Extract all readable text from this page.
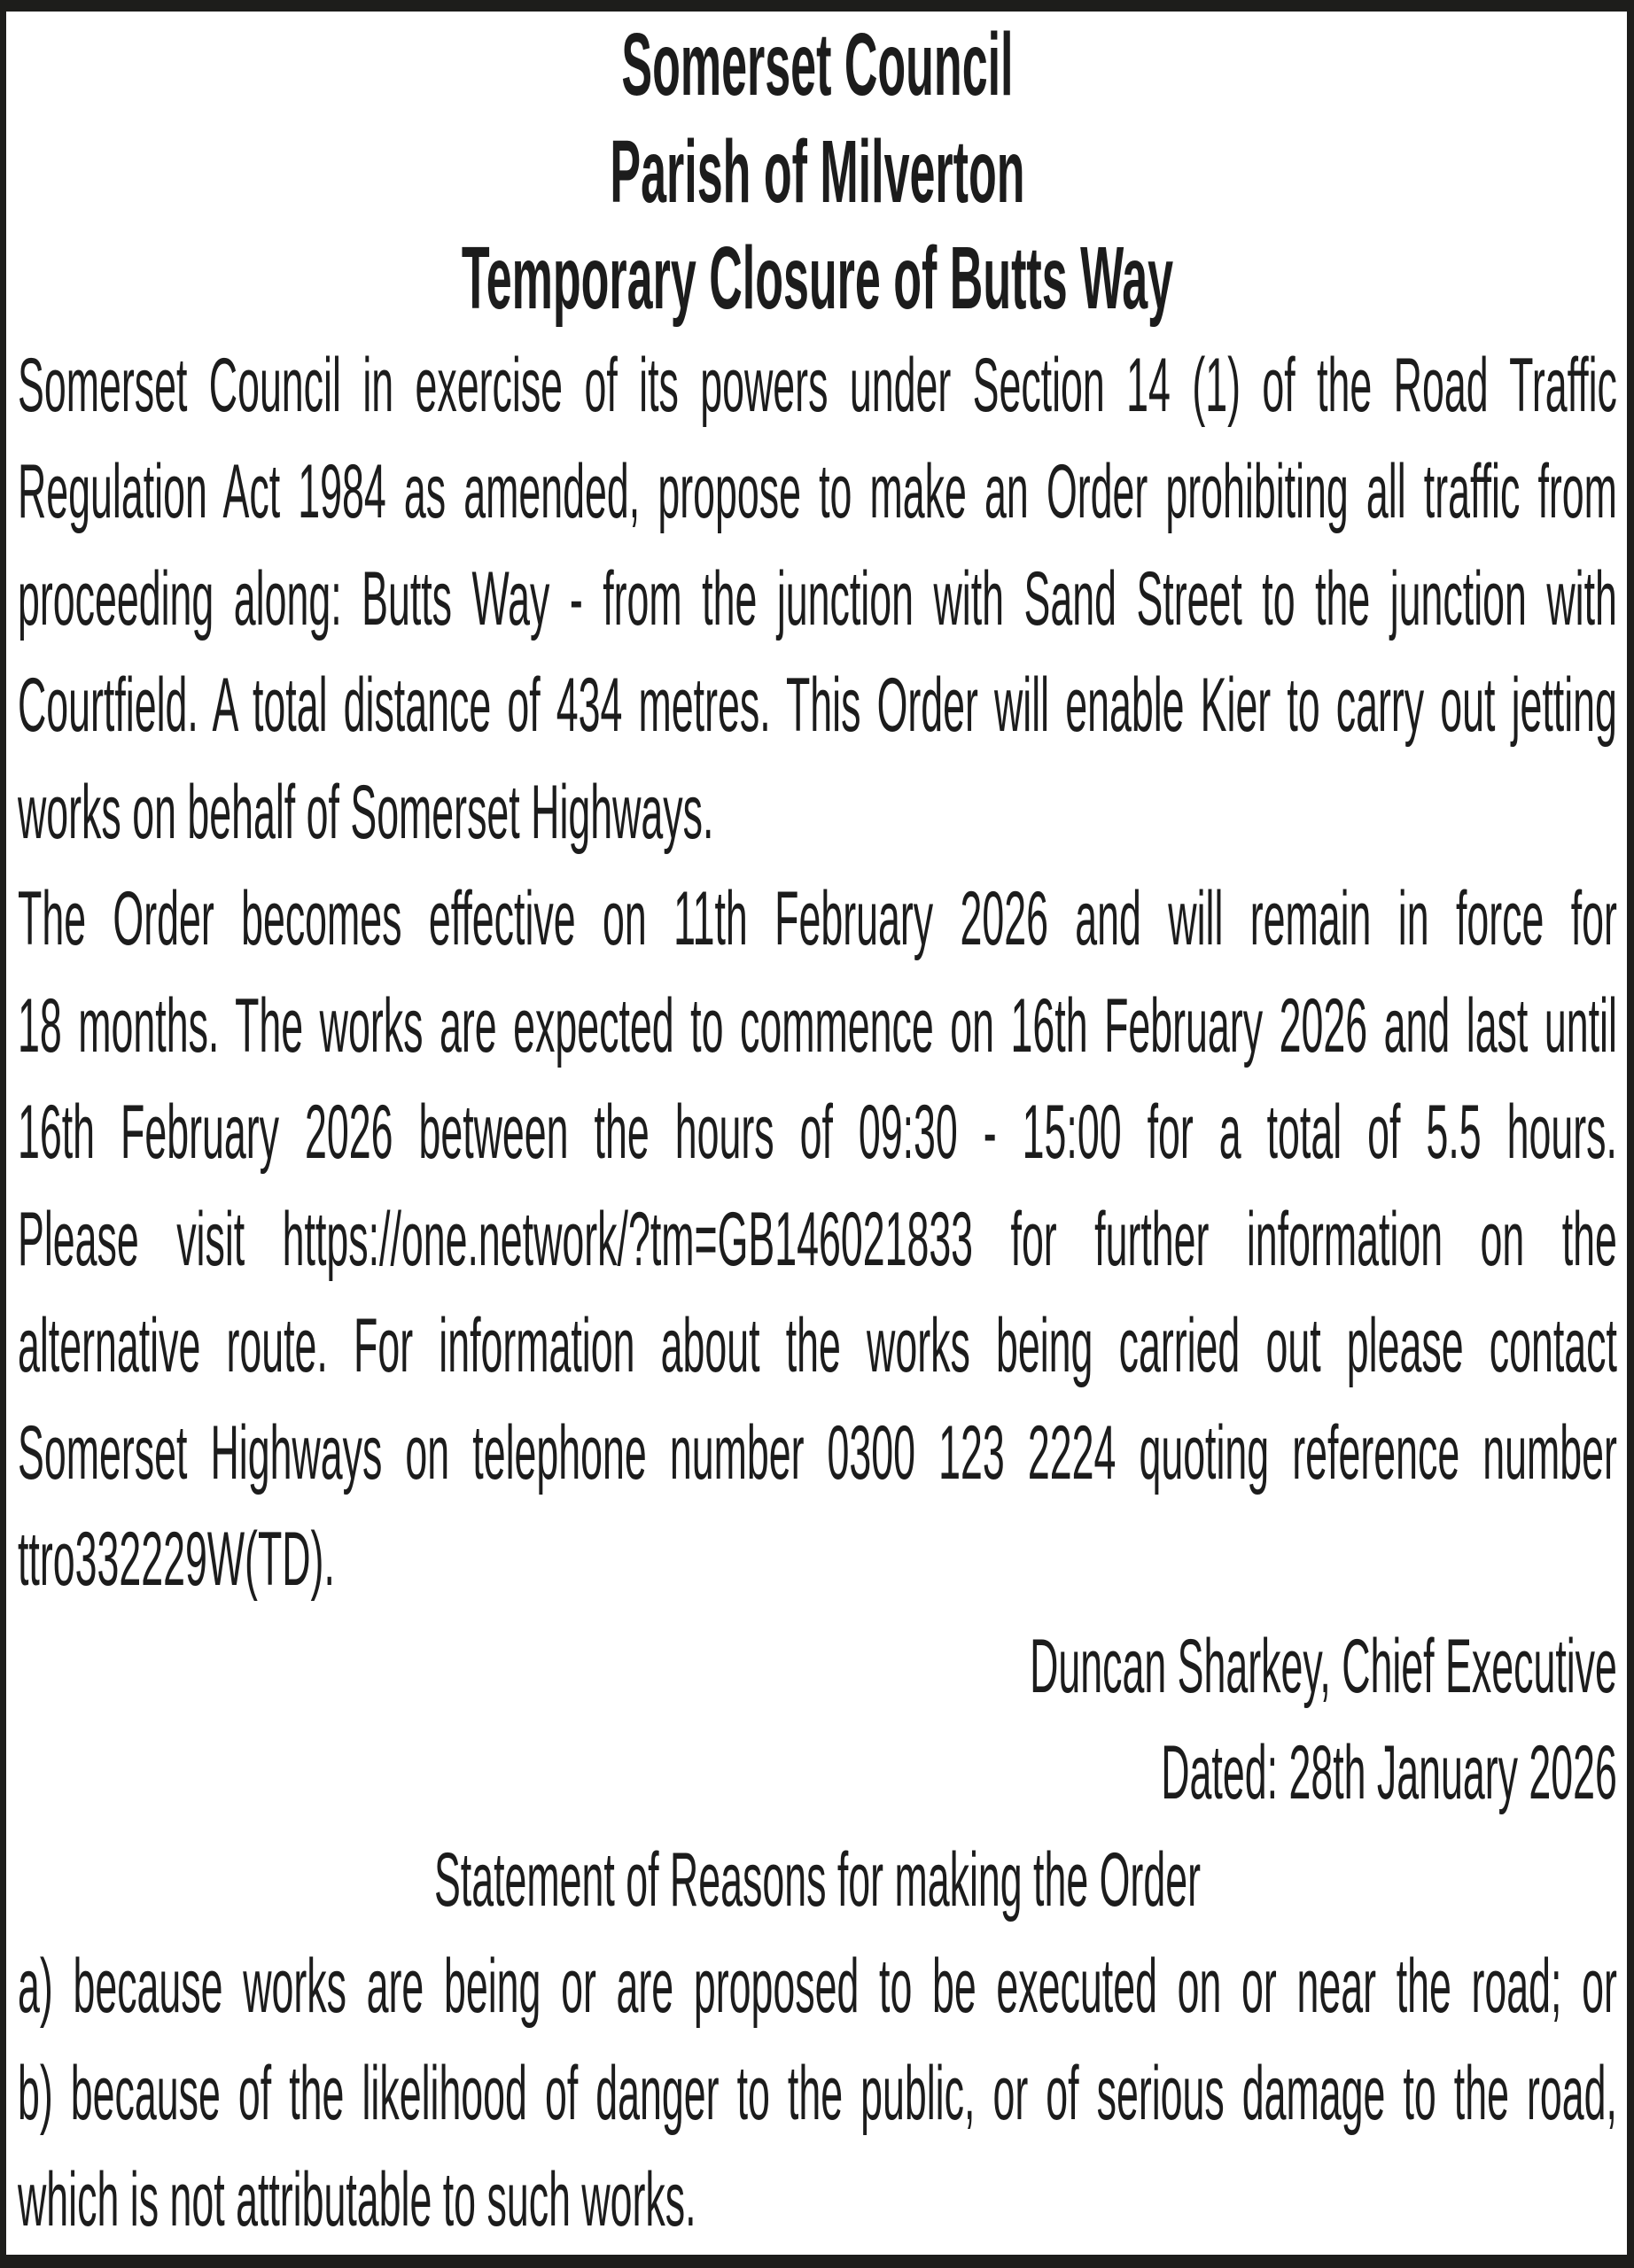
Somerset Council
Parish of Milverton
Temporary Closure of Butts Way
Somerset Council in exercise of its powers under Section 14 (1) of the Road Traffic
Regulation Act 1984 as amended, propose to make an Order prohibiting all traffic from
proceeding along: Butts Way - from the junction with Sand Street to the junction with
Courtfield. A total distance of 434 metres. This Order will enable Kier to carry out jetting
works on behalf of Somerset Highways.
The Order becomes effective on 11th February 2026 and will remain in force for
18 months. The works are expected to commence on 16th February 2026 and last until
16th February 2026 between the hours of 09:30 - 15:00 for a total of 5.5 hours.
Please visit https://one.network/?tm=GB146021833 for further information on the
alternative route. For information about the works being carried out please contact
Somerset Highways on telephone number 0300 123 2224 quoting reference number
ttro332229W(TD).
Duncan Sharkey, Chief Executive
Dated: 28th January 2026
Statement of Reasons for making the Order
a) because works are being or are proposed to be executed on or near the road; or
b) because of the likelihood of danger to the public, or of serious damage to the road,
which is not attributable to such works.
